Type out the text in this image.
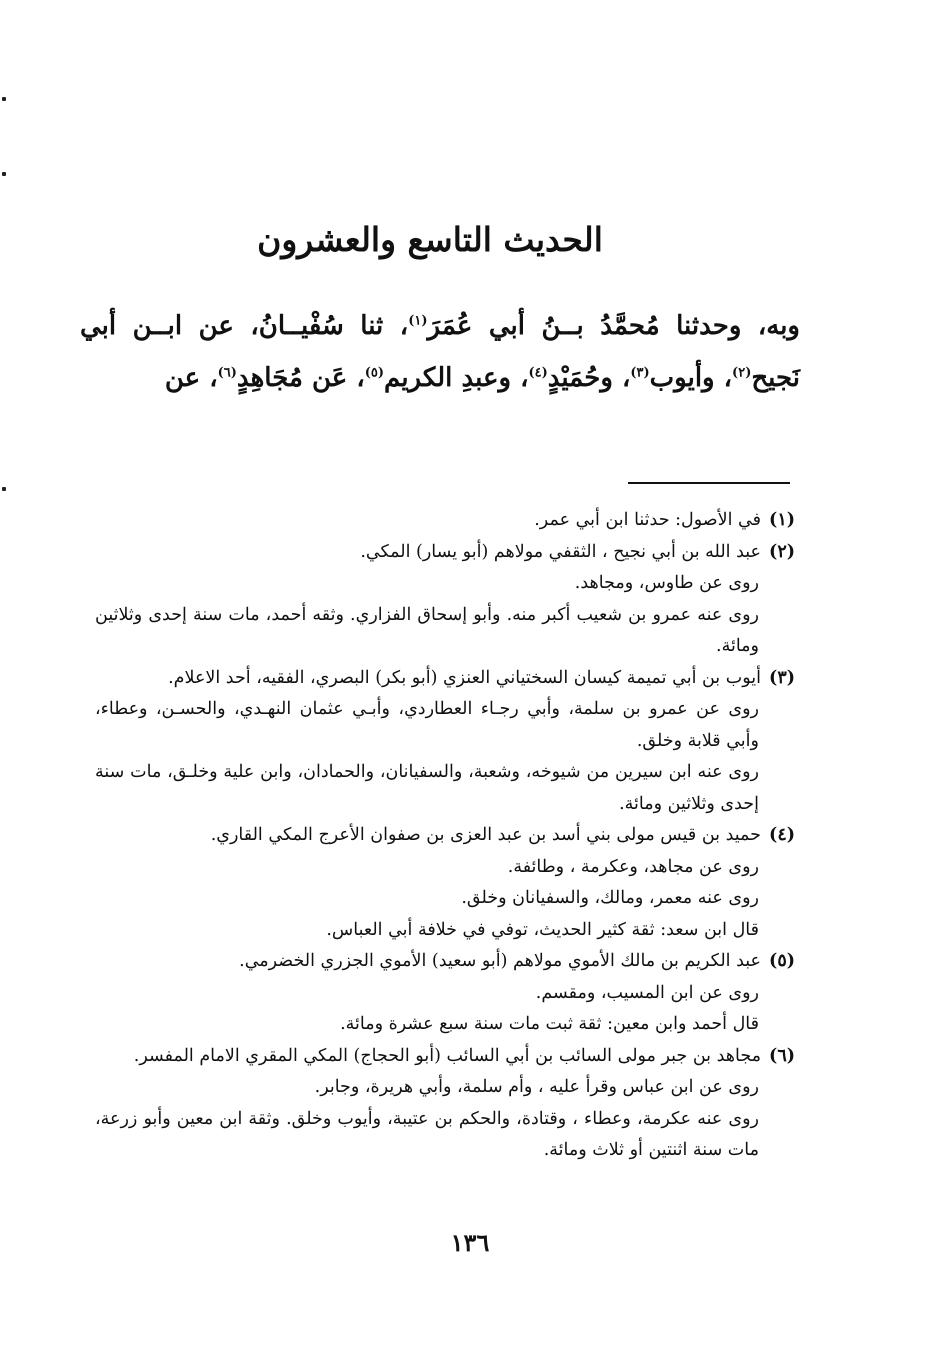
الحديث التاسع والعشرون
وبه، وحدثنا مُحمَّدُ بــنُ أبي عُمَرَ$^{(١)}$، ثنا سُفْيــانُ، عن ابــن أبي نَجيح$^{(٢)}$، وأيوب$^{(٣)}$، وحُمَيْدٍ$^{(٤)}$، وعبدِ الكريم$^{(٥)}$، عَن مُجَاهِدٍ$^{(٦)}$، عن
(١)
في الأصول: حدثنا ابن أبي عمر.
(٢)
عبد الله بن أبي نجيح ، الثقفي مولاهم (أبو يسار) المكي.
روى عن طاوس، ومجاهد.
روى عنه عمرو بن شعيب أكبر منه. وأبو إسحاق الفزاري. وثقه أحمد، مات سنة إحدى وثلاثين ومائة.
(٣)
أيوب بن أبي تميمة كيسان السختياني العنزي (أبو بكر) البصري، الفقيه، أحد الاعلام.
روى عن عمرو بن سلمة، وأبي رجـاء العطاردي، وأبـي عثمان النهـدي، والحسـن، وعطاء، وأبي قلابة وخلق.
روى عنه ابن سيرين من شيوخه، وشعبة، والسفيانان، والحمادان، وابن علية وخلـق، مات سنة إحدى وثلاثين ومائة.
(٤)
حميد بن قيس مولى بني أسد بن عبد العزى بن صفوان الأعرج المكي القاري.
روى عن مجاهد، وعكرمة ، وطائفة.
روى عنه معمر، ومالك، والسفيانان وخلق.
قال ابن سعد: ثقة كثير الحديث، توفي في خلافة أبي العباس.
(٥)
عبد الكريم بن مالك الأموي مولاهم (أبو سعيد) الأموي الجزري الخضرمي.
روى عن ابن المسيب، ومقسم.
قال أحمد وابن معين: ثقة ثبت مات سنة سبع عشرة ومائة.
(٦)
مجاهد بن جبر مولى السائب بن أبي السائب (أبو الحجاج) المكي المقري الامام المفسر.
روى عن ابن عباس وقرأ عليه ، وأم سلمة، وأبي هريرة، وجابر.
روى عنه عكرمة، وعطاء ، وقتادة، والحكم بن عتيبة، وأيوب وخلق. وثقة ابن معين وأبو زرعة، مات سنة اثنتين أو ثلاث ومائة.
١٣٦
